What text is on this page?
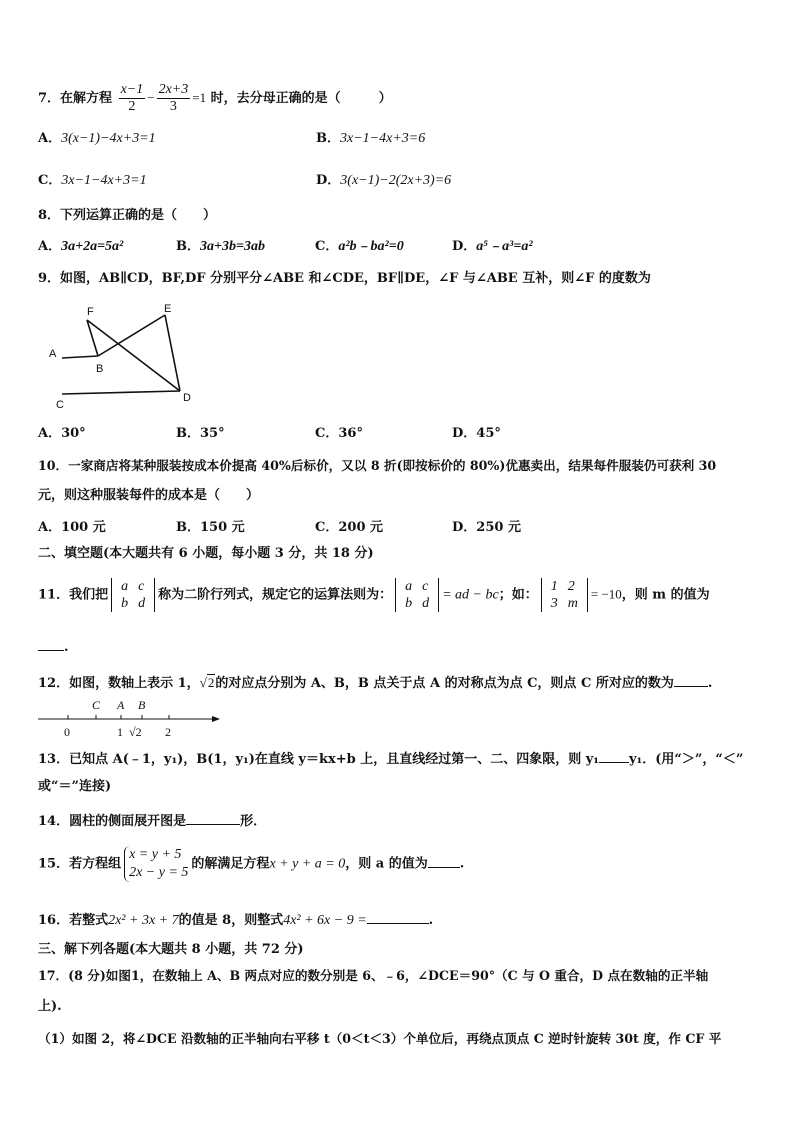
7．在解方程 $\frac{x-1}{2} - \frac{2x+3}{3} =1$ 时，去分母正确的是（	）
A．3(x−1)−4x+3=1	B．3x−1−4x+3=6
C．3x−1−4x+3=1	D．3(x−1)−2(2x+3)=6
8．下列运算正确的是（　　）
A．3a+2a=5a²	B．3a+3b=3ab	C．a²b﹣ba²=0	D．a⁵﹣a³=a²
9．如图，AB∥CD，BF,DF 分别平分∠ABE 和∠CDE，BF∥DE，∠F 与∠ABE 互补，则∠F 的度数为
F	E
A
B
C
D
A．30°	B．35°	C．36°	D．45°
10．一家商店将某种服装按成本价提高 40%后标价，又以 8 折(即按标价的 80%)优惠卖出，结果每件服装仍可获利 30
元，则这种服装每件的成本是（　　）
A．100 元	B．150 元	C．200 元	D．250 元
二、填空题(本大题共有 6 小题，每小题 3 分，共 18 分)
11．我们把
a	c
b	d
称为二阶行列式，规定它的运算法则为：
a	c
b	d
= ad − bc；如：
1	2
3	m
= −10，则 m 的值为
.
12．如图，数轴上表示 1，√2的对应点分别为 A、B，B 点关于点 A 的对称点为点 C，则点 C 所对应的数为	.
C A B
0	1 √2 2
13．已知点 A(﹣1，y₁)，B(1，y₁)在直线 y＝kx+b 上，且直线经过第一、二、四象限，则 y₁ y₁．(用“＞”，“＜”
或“＝”连接)
14．圆柱的侧面展开图是	形．
15．若方程组
x = y + 5
2x − y = 5
的解满足方程x + y + a = 0，则 a 的值为 .
16．若整式2x² + 3x + 7的值是 8，则整式4x² + 6x − 9 =	.
三、解下列各题(本大题共 8 小题，共 72 分)
17．(8 分)如图1，在数轴上 A、B 两点对应的数分别是 6、﹣6，∠DCE＝90°（C 与 O 重合，D 点在数轴的正半轴
上).
（1）如图 2，将∠DCE 沿数轴的正半轴向右平移 t（0＜t＜3）个单位后，再绕点顶点 C 逆时针旋转 30t 度，作 CF 平
